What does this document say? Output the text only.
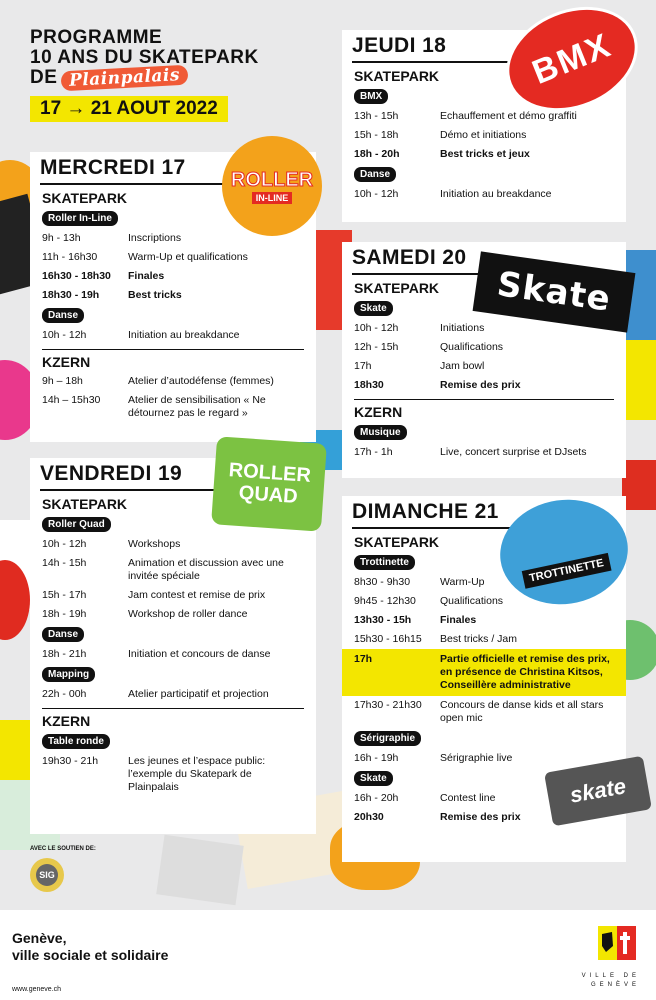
PROGRAMME
10 ANS DU SKATEPARK
DE Plainpalais
17 → 21 AOUT 2022
MERCREDI 17
SKATEPARK
Roller In-Line
9h - 13h	Inscriptions
11h - 16h30	Warm-Up et qualifications
16h30 - 18h30	Finales
18h30 - 19h	Best tricks
Danse
10h - 12h	Initiation au breakdance
KZERN
9h – 18h	Atelier d’autodéfense (femmes)
14h – 15h30	Atelier de sensibilisation « Ne détournez pas le regard »
VENDREDI 19
SKATEPARK
Roller Quad
10h - 12h	Workshops
14h - 15h	Animation et discussion avec une invitée spéciale
15h - 17h	Jam contest et remise de prix
18h - 19h	Workshop de roller dance
Danse
18h - 21h	Initiation et concours de danse
Mapping
22h - 00h	Atelier participatif et projection
KZERN
Table ronde
19h30 - 21h	Les jeunes et l’espace public: l’exemple du Skatepark de Plainpalais
JEUDI 18
SKATEPARK
BMX
13h - 15h	Echauffement et démo graffiti
15h - 18h	Démo et initiations
18h - 20h	Best tricks et jeux
Danse
10h - 12h	Initiation au breakdance
SAMEDI 20
SKATEPARK
Skate
10h - 12h	Initiations
12h - 15h	Qualifications
17h	Jam bowl
18h30	Remise des prix
KZERN
Musique
17h - 1h	Live, concert surprise et DJsets
DIMANCHE 21
SKATEPARK
Trottinette
8h30 - 9h30	Warm-Up
9h45 - 12h30	Qualifications
13h30 - 15h	Finales
15h30 - 16h15	Best tricks / Jam
17h	Partie officielle et remise des prix, en présence de Christina Kitsos, Conseillère administrative
17h30 - 21h30	Concours de danse kids et all stars open mic
Sérigraphie
16h - 19h	Sérigraphie live
Skate
16h - 20h	Contest line
20h30	Remise des prix
BMX
ROLLER
IN-LINE
Skate
ROLLER
QUAD
TROTTINETTE
skate
AVEC LE SOUTIEN DE:
SIG
Genève,
ville sociale et solidaire
www.geneve.ch
VILLE DE
GENÈVE
